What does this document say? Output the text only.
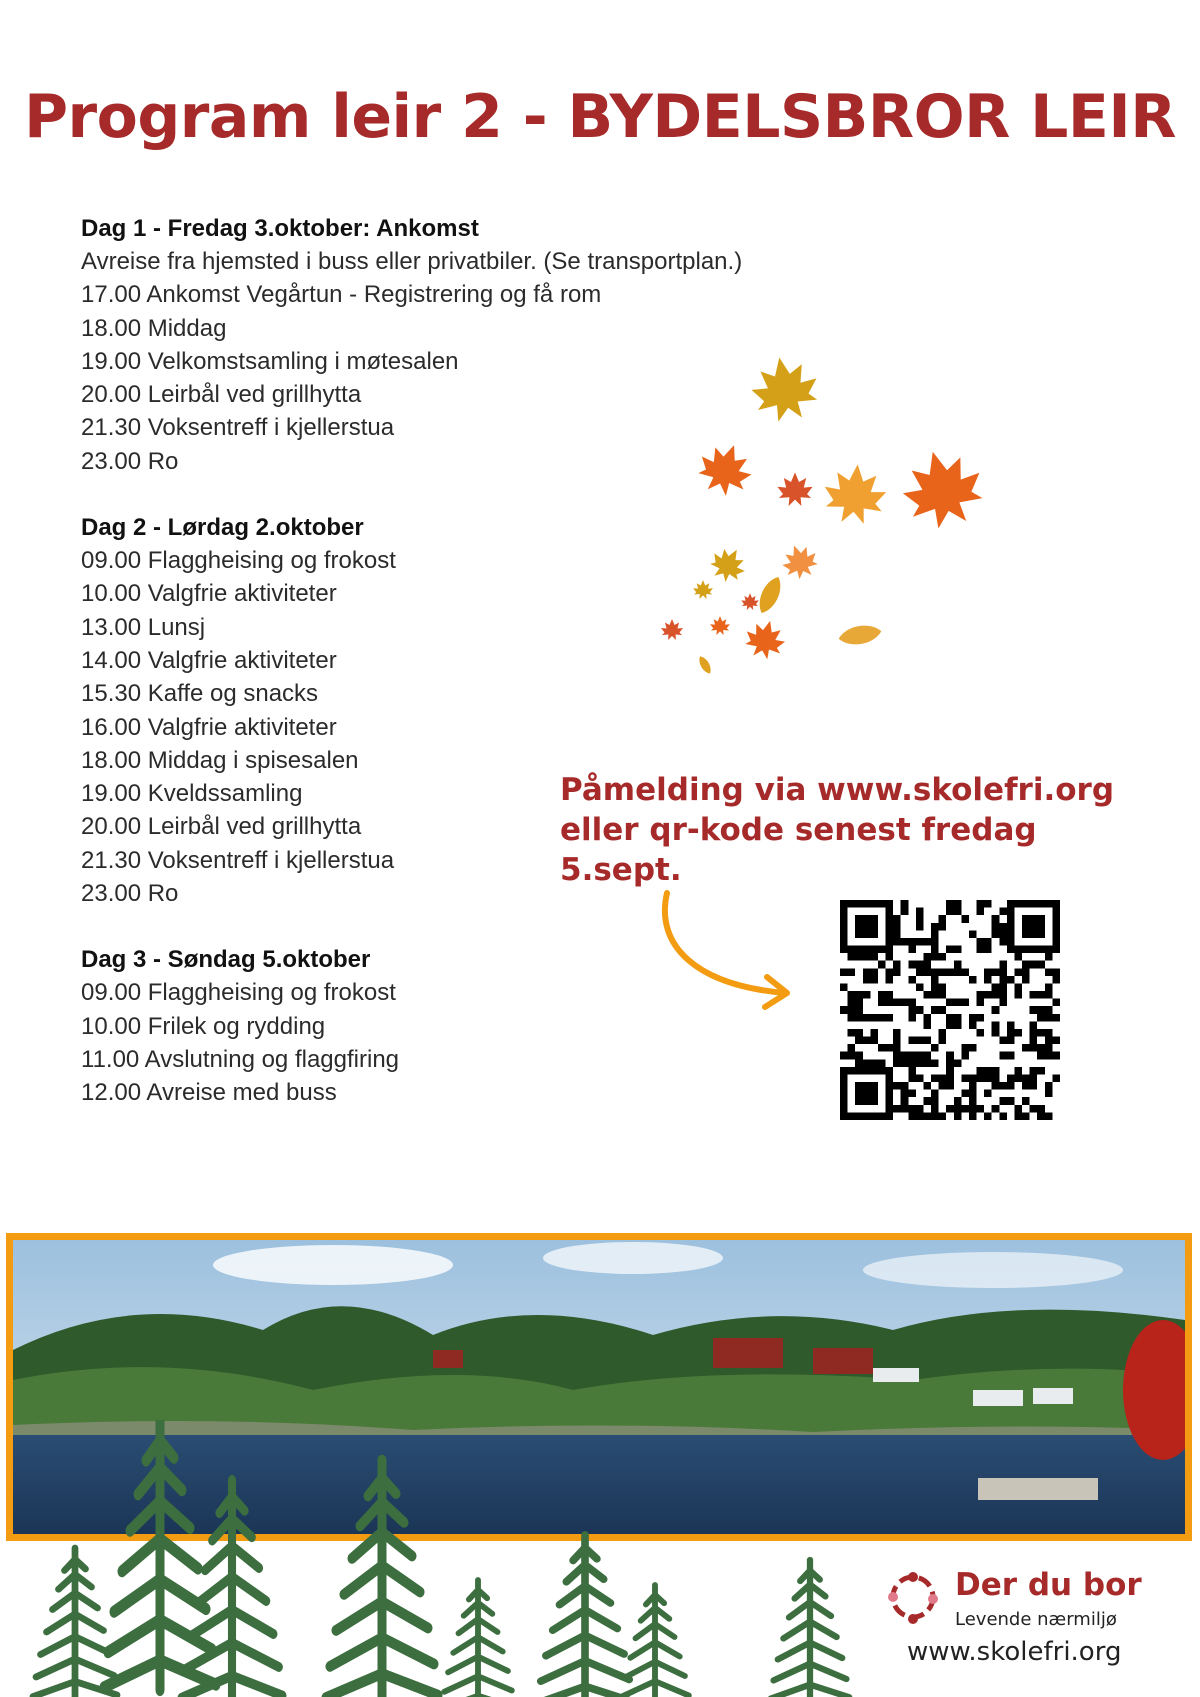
Program leir 2 - BYDELSBROR LEIR
Dag 1 - Fredag 3.oktober: Ankomst
Avreise fra hjemsted i buss eller privatbiler. (Se transportplan.)
17.00 Ankomst Vegårtun - Registrering og få rom
18.00 Middag
19.00 Velkomstsamling i møtesalen
20.00 Leirbål ved grillhytta
21.30 Voksentreff i kjellerstua
23.00 Ro
Dag 2 - Lørdag 2.oktober
09.00 Flaggheising og frokost
10.00 Valgfrie aktiviteter
13.00 Lunsj
14.00 Valgfrie aktiviteter
15.30 Kaffe og snacks
16.00 Valgfrie aktiviteter
18.00 Middag i spisesalen
19.00 Kveldssamling
20.00 Leirbål ved grillhytta
21.30 Voksentreff i kjellerstua
23.00 Ro
Dag 3 - Søndag 5.oktober
09.00 Flaggheising og frokost
10.00 Frilek og rydding
11.00 Avslutning og flaggfiring
12.00 Avreise med buss
Påmelding via www.skolefri.org
eller qr-kode senest fredag 5.sept.
Der du bor
Levende nærmiljø
www.skolefri.org
